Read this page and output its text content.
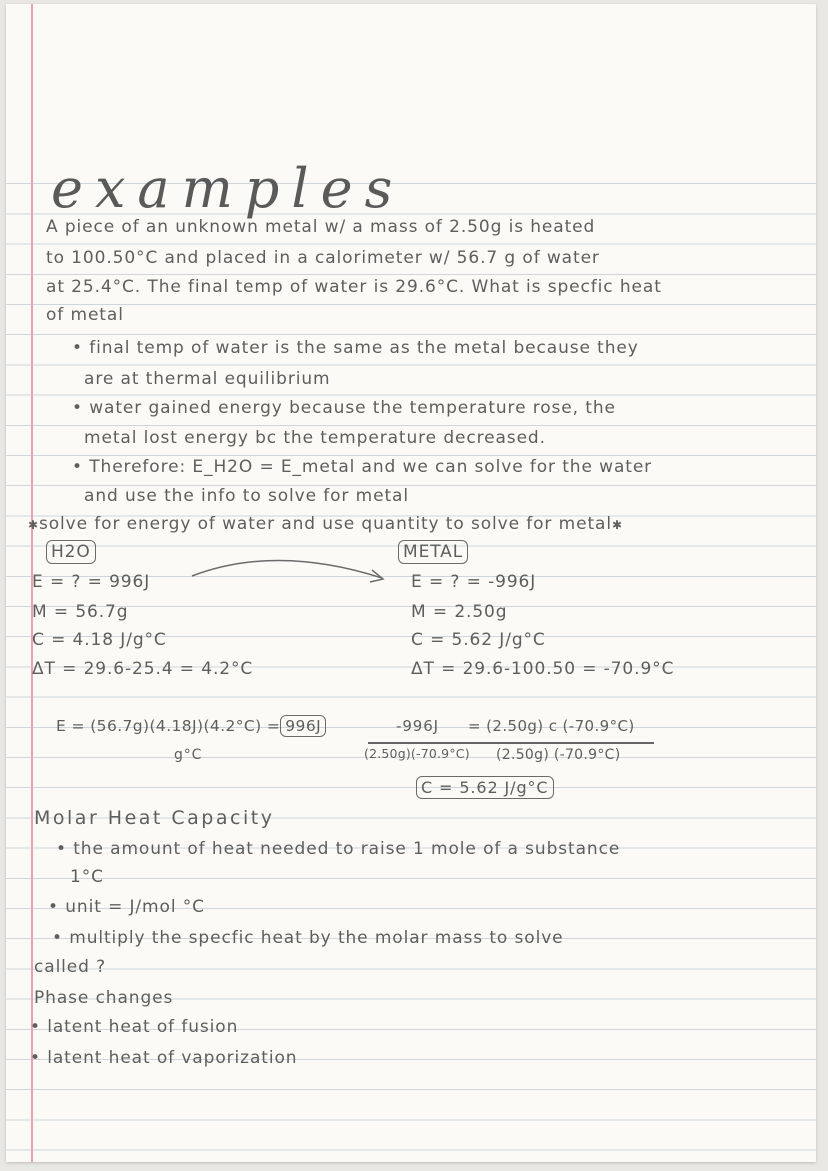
examples
A piece of an unknown metal w/ a mass of 2.50g is heated
to 100.50°C and placed in a calorimeter w/ 56.7 g of water
at 25.4°C. The final temp of water is 29.6°C. What is specfic heat
of metal
• final temp of water is the same as the metal because they
are at thermal equilibrium
• water gained energy because the temperature rose, the
metal lost energy bc the temperature decreased.
• Therefore: E_H2O = E_metal and we can solve for the water
and use the info to solve for metal
✱solve for energy of water and use quantity to solve for metal✱
H2O	METAL
E = ? = 996J
M = 56.7g
C = 4.18 J/g°C
ΔT = 29.6-25.4 = 4.2°C
E = ? = -996J
M = 2.50g
C = 5.62 J/g°C
ΔT = 29.6-100.50 = -70.9°C
E = (56.7g)(4.18J)(4.2°C) = 996J
g°C
-996J = (2.50g) c (-70.9°C)
(2.50g)(-70.9°C) (2.50g) (-70.9°C)
C = 5.62 J/g°C
Molar Heat Capacity
• the amount of heat needed to raise 1 mole of a substance
1°C
• unit = J/mol °C
• multiply the specfic heat by the molar mass to solve
called ?
Phase changes
• latent heat of fusion
• latent heat of vaporization
